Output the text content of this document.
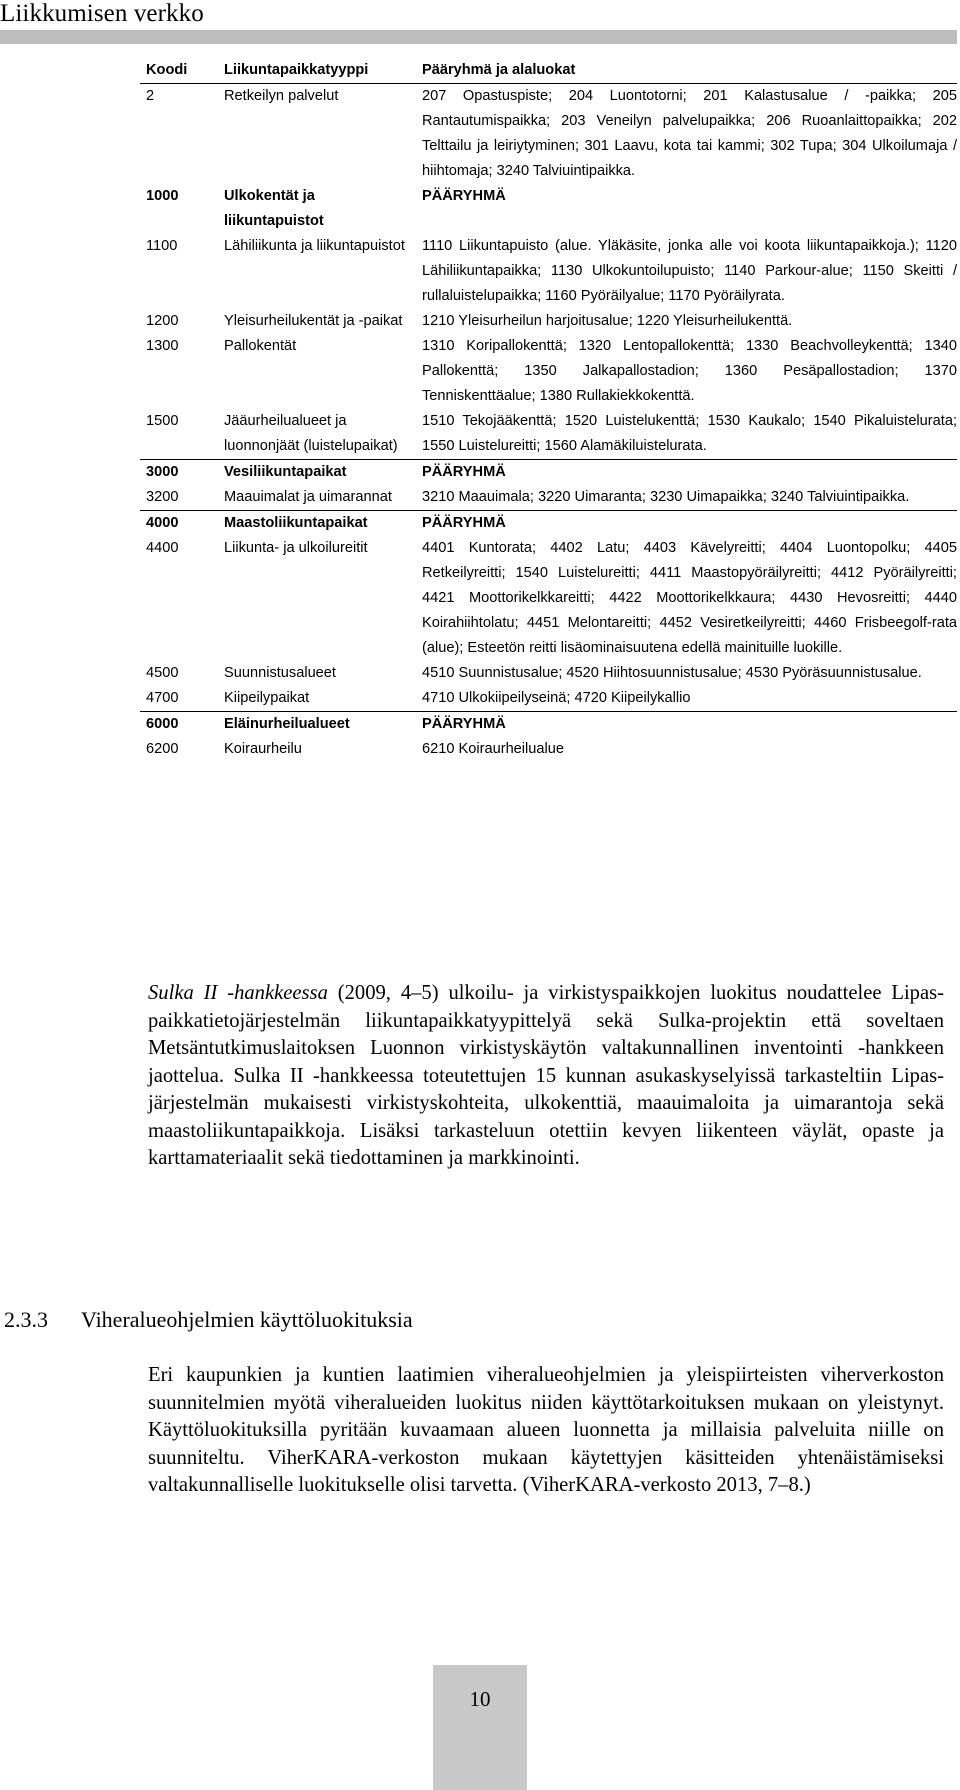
Liikkumisen verkko
Koodi	Liikuntapaikkatyyppi	Pääryhmä ja alaluokat
2	Retkeilyn palvelut	207 Opastuspiste; 204 Luontotorni; 201 Kalastusalue / -paikka; 205 Rantautumispaikka; 203 Veneilyn palvelupaikka; 206 Ruoanlaittopaikka; 202 Telttailu ja leiriytyminen; 301 Laavu, kota tai kammi; 302 Tupa; 304 Ulkoilumaja / hiihtomaja; 3240 Talviuintipaikka.
1000	Ulkokentät ja liikuntapuistot	PÄÄRYHMÄ
1100	Lähiliikunta ja liikuntapuistot	1110 Liikuntapuisto (alue. Yläkäsite, jonka alle voi koota liikuntapaikkoja.); 1120 Lähiliikuntapaikka; 1130 Ulkokuntoilupuisto; 1140 Parkour-alue; 1150 Skeitti / rullaluistelupaikka; 1160 Pyöräilyalue; 1170 Pyöräilyrata.
1200	Yleisurheilukentät ja -paikat	1210 Yleisurheilun harjoitusalue; 1220 Yleisurheilukenttä.
1300	Pallokentät	1310 Koripallokenttä; 1320 Lentopallokenttä; 1330 Beachvolleykenttä; 1340 Pallokenttä; 1350 Jalkapallostadion; 1360 Pesäpallostadion; 1370 Tenniskenttäalue; 1380 Rullakiekkokenttä.
1500	Jääurheilualueet ja luonnonjäät (luistelupaikat)	1510 Tekojääkenttä; 1520 Luistelukenttä; 1530 Kaukalo; 1540 Pikaluistelurata; 1550 Luistelureitti; 1560 Alamäkiluistelurata.
3000	Vesiliikuntapaikat	PÄÄRYHMÄ
3200	Maauimalat ja uimarannat	3210 Maauimala; 3220 Uimaranta; 3230 Uimapaikka; 3240 Talviuintipaikka.
4000	Maastoliikuntapaikat	PÄÄRYHMÄ
4400	Liikunta- ja ulkoilureitit	4401 Kuntorata; 4402 Latu; 4403 Kävelyreitti; 4404 Luontopolku; 4405 Retkeilyreitti; 1540 Luistelureitti; 4411 Maastopyöräilyreitti; 4412 Pyöräilyreitti; 4421 Moottorikelkkareitti; 4422 Moottorikelkkaura; 4430 Hevosreitti; 4440 Koirahiihtolatu; 4451 Melontareitti; 4452 Vesiretkeilyreitti; 4460 Frisbeegolf-rata (alue); Esteetön reitti lisäominaisuutena edellä mainituille luokille.
4500	Suunnistusalueet	4510 Suunnistusalue; 4520 Hiihtosuunnistusalue; 4530 Pyöräsuunnistusalue.
4700	Kiipeilypaikat	4710 Ulkokiipeilyseinä; 4720 Kiipeilykallio
6000	Eläinurheilualueet	PÄÄRYHMÄ
6200	Koiraurheilu	6210 Koiraurheilualue

Sulka II -hankkeessa (2009, 4–5) ulkoilu- ja virkistyspaikkojen luokitus noudattelee Lipas-paikkatietojärjestelmän liikuntapaikkatyypittelyä sekä Sulka-projektin että soveltaen Metsäntutkimuslaitoksen Luonnon virkistyskäytön valtakunnallinen inventointi -hankkeen jaottelua. Sulka II -hankkeessa toteutettujen 15 kunnan asukaskyselyissä tarkasteltiin Lipas- järjestelmän mukaisesti virkistyskohteita, ulkokenttiä, maauimaloita ja uimarantoja sekä maastoliikuntapaikkoja. Lisäksi tarkasteluun otettiin kevyen liikenteen väylät, opaste ja karttamateriaalit sekä tiedottaminen ja markkinointi.

2.3.3 Viheralueohjelmien käyttöluokituksia

Eri kaupunkien ja kuntien laatimien viheralueohjelmien ja yleispiirteisten viherverkoston suunnitelmien myötä viheralueiden luokitus niiden käyttötarkoituksen mukaan on yleistynyt. Käyttöluokituksilla pyritään kuvaamaan alueen luonnetta ja millaisia palveluita niille on suunniteltu. ViherKARA-verkoston mukaan käytettyjen käsitteiden yhtenäistämiseksi valtakunnalliselle luokitukselle olisi tarvetta. (ViherKARA-verkosto 2013, 7–8.)

10
